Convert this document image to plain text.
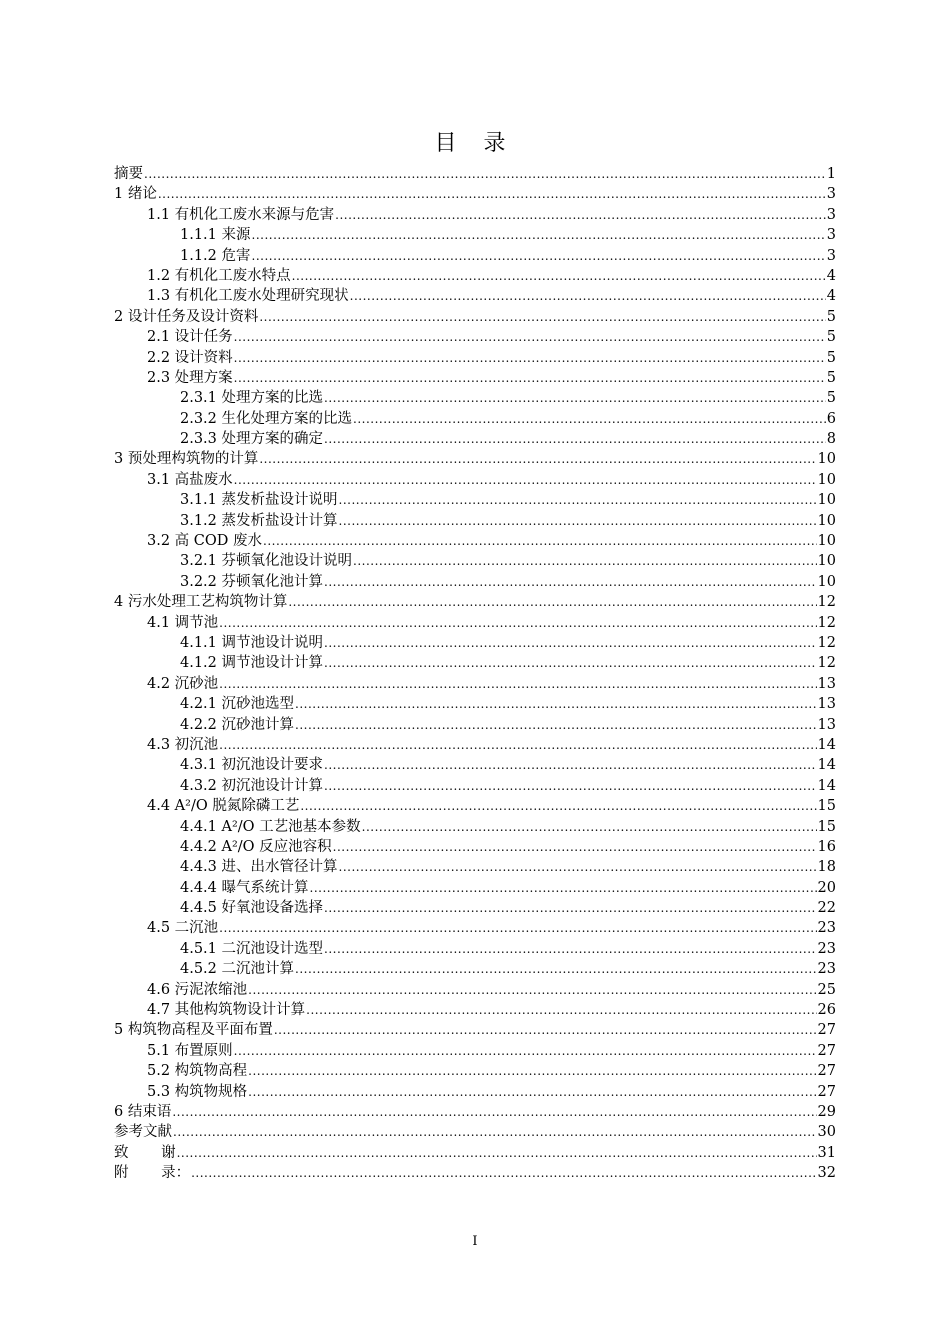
目 录
摘要 .....	1
1 绪论 .....	3
1.1 有机化工废水来源与危害 .....	3
1.1.1 来源 .....	3
1.1.2 危害 .....	3
1.2 有机化工废水特点 .....	4
1.3 有机化工废水处理研究现状 .....	4
2 设计任务及设计资料 .....	5
2.1 设计任务 .....	5
2.2 设计资料 .....	5
2.3 处理方案 .....	5
2.3.1 处理方案的比选 .....	5
2.3.2 生化处理方案的比选 .....	6
2.3.3 处理方案的确定 .....	8
3 预处理构筑物的计算 .....	10
3.1 高盐废水 .....	10
3.1.1 蒸发析盐设计说明 .....	10
3.1.2 蒸发析盐设计计算 .....	10
3.2 高 COD 废水 .....	10
3.2.1 芬顿氧化池设计说明 .....	10
3.2.2 芬顿氧化池计算 .....	10
4 污水处理工艺构筑物计算 .....	12
4.1 调节池 .....	12
4.1.1 调节池设计说明 .....	12
4.1.2 调节池设计计算 .....	12
4.2 沉砂池 .....	13
4.2.1 沉砂池选型 .....	13
4.2.2 沉砂池计算 .....	13
4.3 初沉池 .....	14
4.3.1 初沉池设计要求 .....	14
4.3.2 初沉池设计计算 .....	14
4.4 A²/O 脱氮除磷工艺 .....	15
4.4.1 A²/O 工艺池基本参数 .....	15
4.4.2 A²/O 反应池容积 .....	16
4.4.3 进、出水管径计算 .....	18
4.4.4 曝气系统计算 .....	20
4.4.5 好氧池设备选择 .....	22
4.5 二沉池 .....	23
4.5.1 二沉池设计选型 .....	23
4.5.2 二沉池计算 .....	23
4.6 污泥浓缩池 .....	25
4.7 其他构筑物设计计算 .....	26
5 构筑物高程及平面布置 .....	27
5.1 布置原则 .....	27
5.2 构筑物高程 .....	27
5.3 构筑物规格 .....	27
6 结束语 .....	29
参考文献 .....	30
致 谢 .....	31
附 录： .....	32
I
